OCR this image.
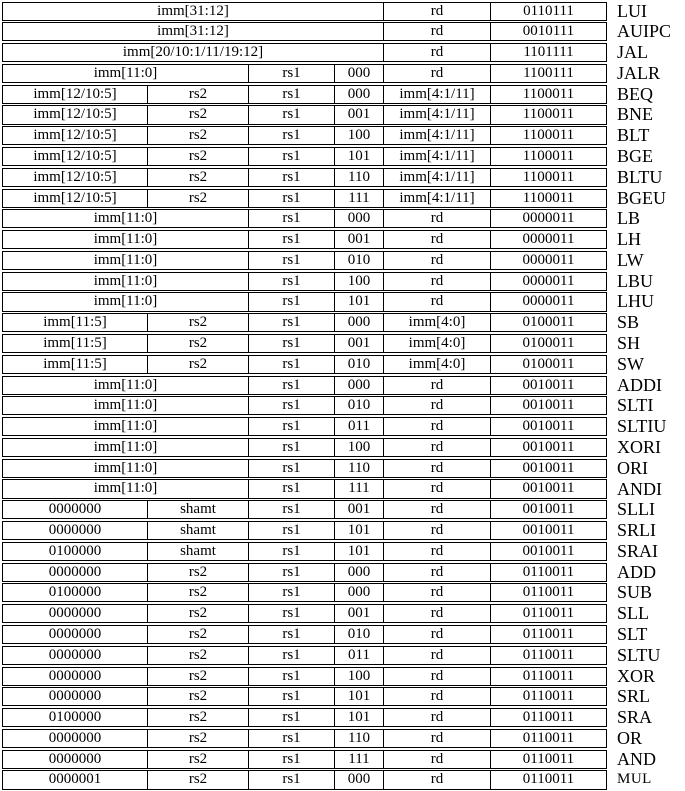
imm[31:12]	rd	0110111	LUI
imm[31:12]	rd	0010111	AUIPC
imm[20/10:1/11/19:12]	rd	1101111	JAL
imm[11:0]	rs1	000	rd	1100111	JALR
imm[12/10:5]	rs2	rs1	000	imm[4:1/11]	1100011	BEQ
imm[12/10:5]	rs2	rs1	001	imm[4:1/11]	1100011	BNE
imm[12/10:5]	rs2	rs1	100	imm[4:1/11]	1100011	BLT
imm[12/10:5]	rs2	rs1	101	imm[4:1/11]	1100011	BGE
imm[12/10:5]	rs2	rs1	110	imm[4:1/11]	1100011	BLTU
imm[12/10:5]	rs2	rs1	111	imm[4:1/11]	1100011	BGEU
imm[11:0]	rs1	000	rd	0000011	LB
imm[11:0]	rs1	001	rd	0000011	LH
imm[11:0]	rs1	010	rd	0000011	LW
imm[11:0]	rs1	100	rd	0000011	LBU
imm[11:0]	rs1	101	rd	0000011	LHU
imm[11:5]	rs2	rs1	000	imm[4:0]	0100011	SB
imm[11:5]	rs2	rs1	001	imm[4:0]	0100011	SH
imm[11:5]	rs2	rs1	010	imm[4:0]	0100011	SW
imm[11:0]	rs1	000	rd	0010011	ADDI
imm[11:0]	rs1	010	rd	0010011	SLTI
imm[11:0]	rs1	011	rd	0010011	SLTIU
imm[11:0]	rs1	100	rd	0010011	XORI
imm[11:0]	rs1	110	rd	0010011	ORI
imm[11:0]	rs1	111	rd	0010011	ANDI
0000000	shamt	rs1	001	rd	0010011	SLLI
0000000	shamt	rs1	101	rd	0010011	SRLI
0100000	shamt	rs1	101	rd	0010011	SRAI
0000000	rs2	rs1	000	rd	0110011	ADD
0100000	rs2	rs1	000	rd	0110011	SUB
0000000	rs2	rs1	001	rd	0110011	SLL
0000000	rs2	rs1	010	rd	0110011	SLT
0000000	rs2	rs1	011	rd	0110011	SLTU
0000000	rs2	rs1	100	rd	0110011	XOR
0000000	rs2	rs1	101	rd	0110011	SRL
0100000	rs2	rs1	101	rd	0110011	SRA
0000000	rs2	rs1	110	rd	0110011	OR
0000000	rs2	rs1	111	rd	0110011	AND
0000001	rs2	rs1	000	rd	0110011	MUL
